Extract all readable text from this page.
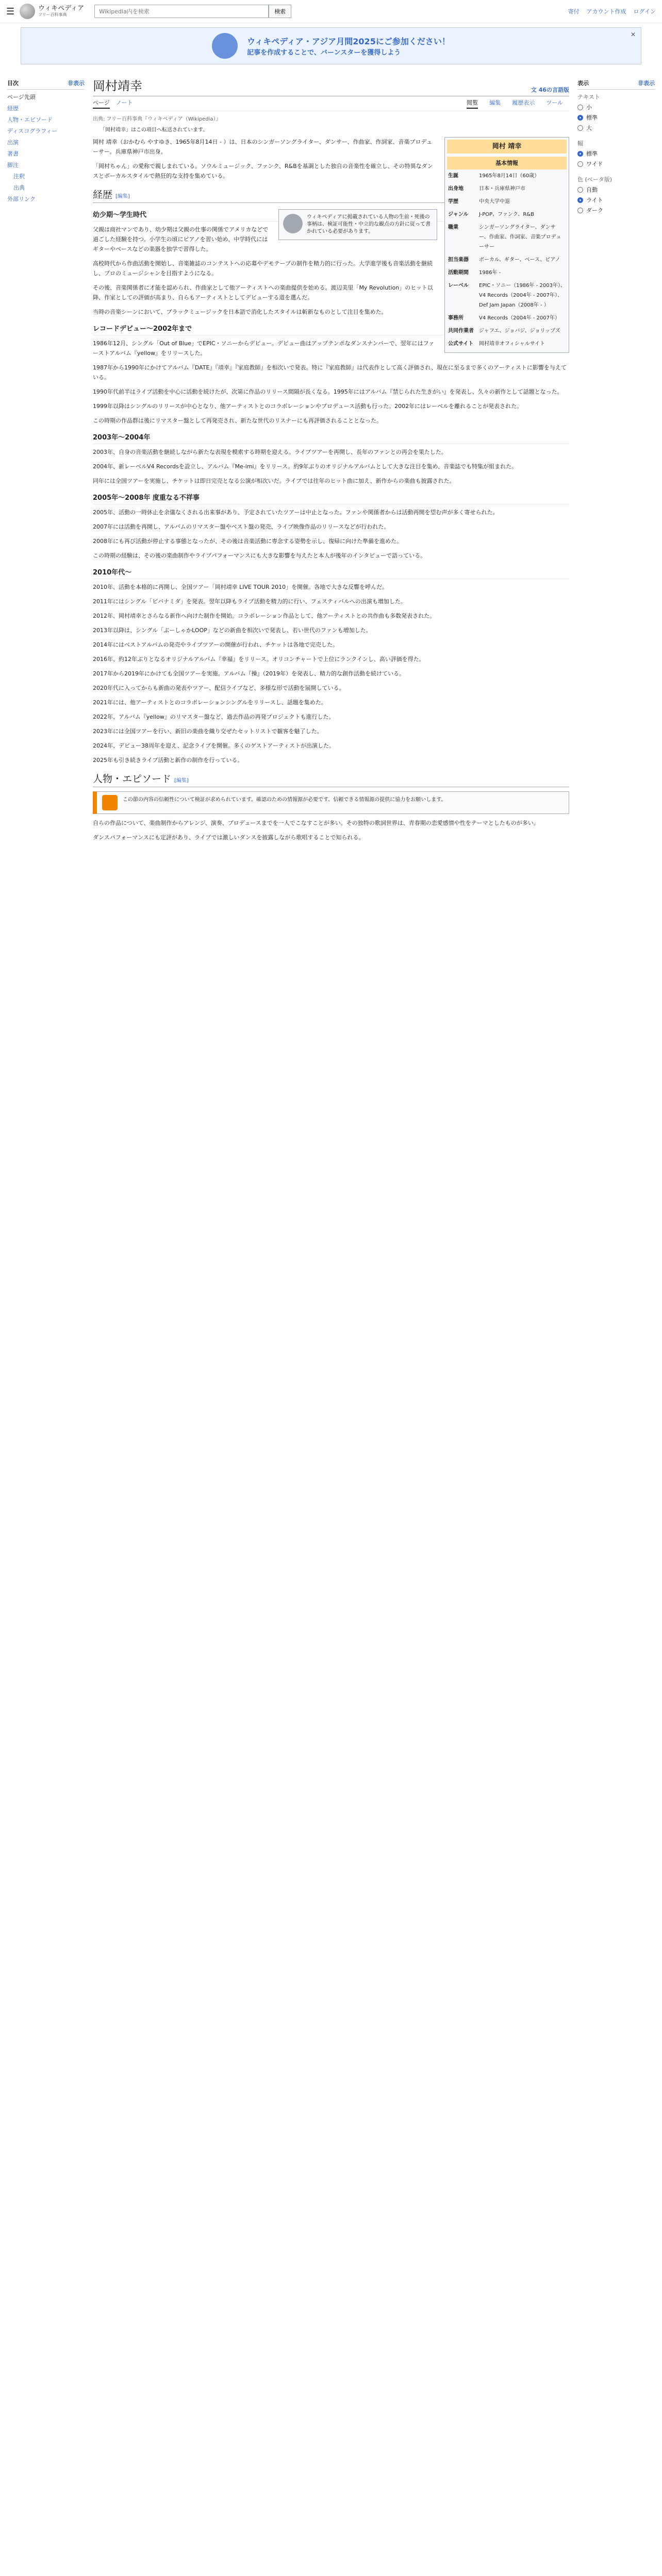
☰	ウィキペディア
フリー百科事典
Wikipedia内を検索	検索	寄付 アカウント作成 ログイン
ウィキペディア・アジア月間2025にご参加ください！
記事を作成することで、バーンスターを獲得しよう
✕
目次	非表示
ページ先頭
経歴
人物・エピソード
ディスコグラフィー
出演
著書
脚注
注釈
出典
外部リンク
岡村靖幸	文 46の言語版
ページ ノート	閲覧 編集 履歴表示 ツール
出典: フリー百科事典『ウィキペディア（Wikipedia）』
「岡村靖幸」はこの項目へ転送されています。
岡村 靖幸
基本情報
生誕	1965年8月14日（60歳）
出身地	日本・兵庫県神戸市
学歴	中央大学中退
ジャンル	J-POP、ファンク、R&B
職業	シンガーソングライター、ダンサー、作曲家、作詞家、音楽プロデューサー
担当楽器	ボーカル、ギター、ベース、ピアノ
活動期間	1986年 -
レーベル	EPIC・ソニー（1986年 - 2003年）、V4 Records（2004年 - 2007年）、Def Jam Japan（2008年 - ）
事務所	V4 Records（2004年 - 2007年）
共同作業者	ジャフエ、ジョバジ、ジョリップズ
公式サイト	岡村靖幸オフィシャルサイト

岡村 靖幸（おかむら やすゆき、1965年8月14日 - ）は、日本のシンガーソングライター、ダンサー、作曲家、作詞家、音楽プロデューサー。兵庫県神戸市出身。

「岡村ちゃん」の愛称で親しまれている。ソウルミュージック、ファンク、R&Bを基調とした独自の音楽性を確立し、その特異なダンスとボーカルスタイルで熱狂的な支持を集めている。

経歴 [編集]
ウィキペディアに掲載されている人物の生前・死後の事柄は、検証可能性・中立的な観点の方針に従って書かれている必要があります。
幼少期～学生時代

父親は商社マンであり、幼少期は父親の仕事の関係でアメリカなどで過ごした経験を持つ。小学生の頃にピアノを習い始め、中学時代にはギターやベースなどの楽器を独学で習得した。

高校時代から作曲活動を開始し、音楽雑誌のコンテストへの応募やデモテープの制作を精力的に行った。大学進学後も音楽活動を継続し、プロのミュージシャンを目指すようになる。

その後、音楽関係者に才能を認められ、作曲家として他アーティストへの楽曲提供を始める。渡辺美里「My Revolution」のヒット以降、作家としての評価が高まり、自らもアーティストとしてデビューする道を選んだ。

当時の音楽シーンにおいて、ブラックミュージックを日本語で消化したスタイルは斬新なものとして注目を集めた。

レコードデビュー～2002年まで

1986年12月、シングル「Out of Blue」でEPIC・ソニーからデビュー。デビュー曲はアップテンポなダンスナンバーで、翌年にはファーストアルバム『yellow』をリリースした。

1987年から1990年にかけてアルバム『DATE』『靖幸』『家庭教師』を相次いで発表。特に『家庭教師』は代表作として高く評価され、現在に至るまで多くのアーティストに影響を与えている。

1990年代前半はライブ活動を中心に活動を続けたが、次第に作品のリリース間隔が長くなる。1995年にはアルバム『禁じられた生きがい』を発表し、久々の新作として話題となった。

1999年以降はシングルのリリースが中心となり、他アーティストとのコラボレーションやプロデュース活動も行った。2002年にはレーベルを離れることが発表された。

この時期の作品群は後にリマスター盤として再発売され、新たな世代のリスナーにも再評価されることとなった。

2003年～2004年

2003年、自身の音楽活動を継続しながら新たな表現を模索する時期を迎える。ライブツアーを再開し、長年のファンとの再会を果たした。

2004年、新レーベルV4 Recordsを設立し、アルバム『Me-imi』をリリース。約9年ぶりのオリジナルアルバムとして大きな注目を集め、音楽誌でも特集が組まれた。

同年には全国ツアーを実施し、チケットは即日完売となる公演が相次いだ。ライブでは往年のヒット曲に加え、新作からの楽曲も披露された。

2005年～2008年 度重なる不祥事

2005年、活動の一時休止を余儀なくされる出来事があり、予定されていたツアーは中止となった。ファンや関係者からは活動再開を望む声が多く寄せられた。

2007年には活動を再開し、アルバムのリマスター盤やベスト盤の発売、ライブ映像作品のリリースなどが行われた。

2008年にも再び活動が停止する事態となったが、その後は音楽活動に専念する姿勢を示し、復帰に向けた準備を進めた。

この時期の経験は、その後の楽曲制作やライブパフォーマンスにも大きな影響を与えたと本人が後年のインタビューで語っている。

2010年代～

2010年、活動を本格的に再開し、全国ツアー「岡村靖幸 LIVE TOUR 2010」を開催。各地で大きな反響を呼んだ。

2011年にはシングル「ビバナミダ」を発表。翌年以降もライブ活動を精力的に行い、フェスティバルへの出演も増加した。

2012年、岡村靖幸とさらなる新作へ向けた制作を開始。コラボレーション作品として、他アーティストとの共作曲も多数発表された。

2013年以降は、シングル「ぶーしゃかLOOP」などの新曲を相次いで発表し、若い世代のファンも増加した。

2014年にはベストアルバムの発売やライブツアーの開催が行われ、チケットは各地で完売した。

2016年、約12年ぶりとなるオリジナルアルバム『幸福』をリリース。オリコンチャートで上位にランクインし、高い評価を得た。

2017年から2019年にかけても全国ツアーを実施。アルバム『操』（2019年）を発表し、精力的な創作活動を続けている。

2020年代に入ってからも新曲の発表やツアー、配信ライブなど、多様な形で活動を展開している。

2021年には、他アーティストとのコラボレーションシングルをリリースし、話題を集めた。

2022年、アルバム『yellow』のリマスター盤など、過去作品の再発プロジェクトも進行した。

2023年には全国ツアーを行い、新旧の楽曲を織り交ぜたセットリストで観客を魅了した。

2024年、デビュー38周年を迎え、記念ライブを開催。多くのゲストアーティストが出演した。

2025年も引き続きライブ活動と新作の制作を行っている。

人物・エピソード [編集]
この節の内容の信頼性について検証が求められています。確認のための情報源が必要です。信頼できる情報源の提供に協力をお願いします。

自らの作品について、楽曲制作からアレンジ、演奏、プロデュースまでを一人でこなすことが多い。その独特の歌詞世界は、青春期の恋愛感情や性をテーマとしたものが多い。

ダンスパフォーマンスにも定評があり、ライブでは激しいダンスを披露しながら歌唱することで知られる。

表示	非表示
テキスト
小
標準
大
幅
標準
ワイド
色 (ベータ版)
自動
ライト
ダーク
